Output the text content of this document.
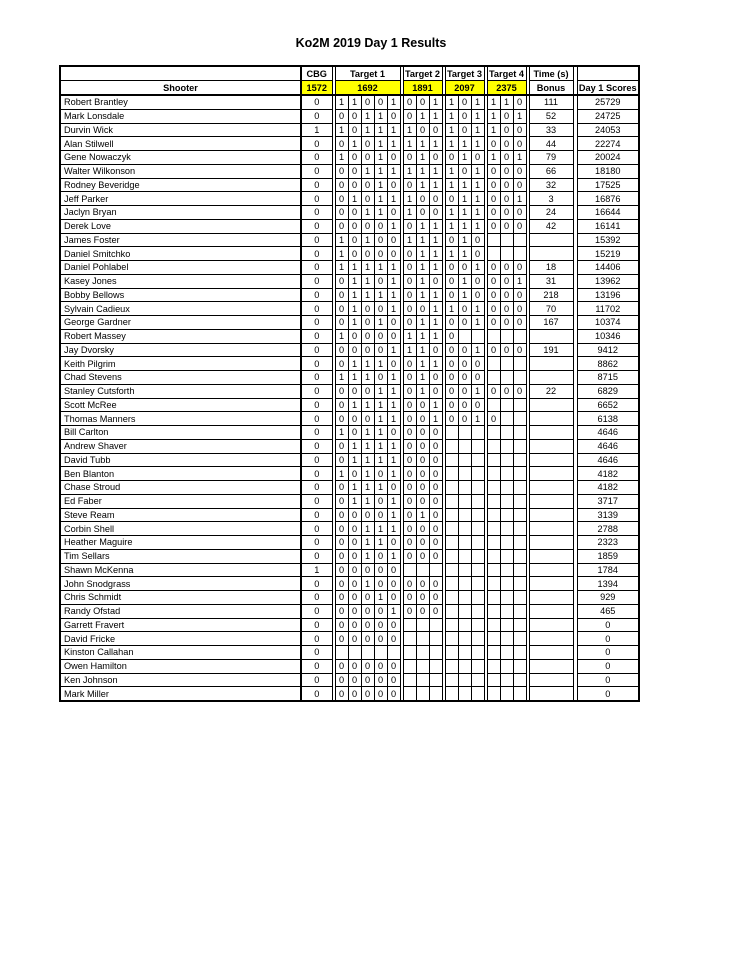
Ko2M 2019 Day 1 Results
	CBG		Target 1						Target 2				Target 3				Target 4				Time (s)		
Shooter	1572		1692						1891				2097				2375				Bonus		Day 1 Scores
Robert Brantley	0		1	1	0	0	1		0	0	1		1	0	1		1	1	0		111		25729
Mark Lonsdale	0		0	0	1	1	0		0	1	1		1	0	1		1	0	1		52		24725
Durvin Wick	1		1	0	1	1	1		1	0	0		1	0	1		1	0	0		33		24053
Alan Stilwell	0		0	1	0	1	1		1	1	1		1	1	1		0	0	0		44		22274
Gene Nowaczyk	0		1	0	0	1	0		0	1	0		0	1	0		1	0	1		79		20024
Walter Wilkonson	0		0	0	1	1	1		1	1	1		1	0	1		0	0	0		66		18180
Rodney Beveridge	0		0	0	0	1	0		0	1	1		1	1	1		0	0	0		32		17525
Jeff Parker	0		0	1	0	1	1		1	0	0		0	1	1		0	0	1		3		16876
Jaclyn Bryan	0		0	0	1	1	0		1	0	0		1	1	1		0	0	0		24		16644
Derek Love	0		0	0	0	0	1		0	1	1		1	1	1		0	0	0		42		16141
James Foster	0		1	0	1	0	0		1	1	1		0	1	0								15392
Daniel Smitchko	0		1	0	0	0	0		0	1	1		1	1	0								15219
Daniel Pohlabel	0		1	1	1	1	1		0	1	1		0	0	1		0	0	0		18		14406
Kasey Jones	0		0	1	1	0	1		0	1	0		0	1	0		0	0	1		31		13962
Bobby Bellows	0		0	1	1	1	1		0	1	1		0	1	0		0	0	0		218		13196
Sylvain Cadieux	0		0	1	0	0	1		0	0	1		1	0	1		0	0	0		70		11702
George Gardner	0		0	1	0	1	0		0	1	1		0	0	1		0	0	0		167		10374
Robert Massey	0		1	0	0	0	0		1	1	1		0										10346
Jay Dvorsky	0		0	0	0	0	1		1	1	0		0	0	1		0	0	0		191		9412
Keith Pilgrim	0		0	1	1	1	0		0	1	1		0	0	0								8862
Chad Stevens	0		1	1	1	0	1		0	1	0		0	0	0								8715
Stanley Cutsforth	0		0	0	0	1	1		0	1	0		0	0	1		0	0	0		22		6829
Scott McRee	0		0	1	1	1	1		0	0	1		0	0	0								6652
Thomas Manners	0		0	0	0	1	1		0	0	1		0	0	1		0						6138
Bill Carlton	0		1	0	1	1	0		0	0	0												4646
Andrew Shaver	0		0	1	1	1	1		0	0	0												4646
David Tubb	0		0	1	1	1	1		0	0	0												4646
Ben Blanton	0		1	0	1	0	1		0	0	0												4182
Chase Stroud	0		0	1	1	1	0		0	0	0												4182
Ed Faber	0		0	1	1	0	1		0	0	0												3717
Steve Ream	0		0	0	0	0	1		0	1	0												3139
Corbin Shell	0		0	0	1	1	1		0	0	0												2788
Heather Maguire	0		0	0	1	1	0		0	0	0												2323
Tim Sellars	0		0	0	1	0	1		0	0	0												1859
Shawn McKenna	1		0	0	0	0	0																1784
John Snodgrass	0		0	0	1	0	0		0	0	0												1394
Chris Schmidt	0		0	0	0	1	0		0	0	0												929
Randy Ofstad	0		0	0	0	0	1		0	0	0												465
Garrett Fravert	0		0	0	0	0	0																0
David Fricke	0		0	0	0	0	0																0
Kinston Callahan	0																						0
Owen Hamilton	0		0	0	0	0	0																0
Ken Johnson	0		0	0	0	0	0																0
Mark Miller	0		0	0	0	0	0																0
